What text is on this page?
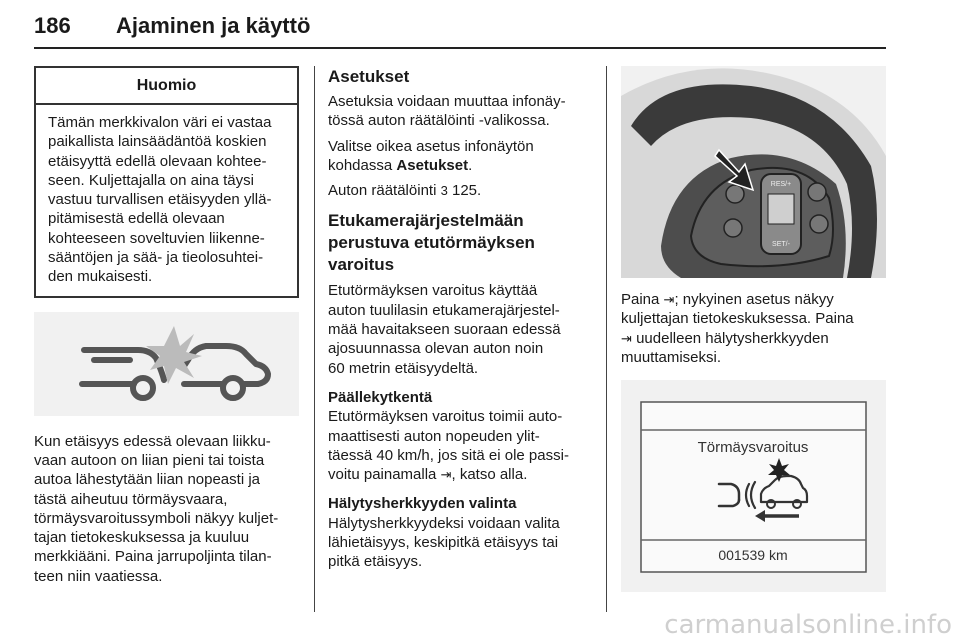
186 Ajaminen ja käyttö
Huomio
Tämän merkkivalon väri ei vastaa
paikallista lainsäädäntöä koskien
etäisyyttä edellä olevaan kohtee-
seen. Kuljettajalla on aina täysi
vastuu turvallisen etäisyyden yllä-
pitämisestä edellä olevaan
kohteeseen soveltuvien liikenne-
sääntöjen ja sää- ja tieolosuhtei-
den mukaisesti.
Kun etäisyys edessä olevaan liikku-
vaan autoon on liian pieni tai toista
autoa lähestytään liian nopeasti ja
tästä aiheutuu törmäysvaara,
törmäysvaroitussymboli näkyy kuljet-
tajan tietokeskuksessa ja kuuluu
merkkiääni. Paina jarrupoljinta tilan-
teen niin vaatiessa.
Asetukset
Asetuksia voidaan muuttaa infonäy-
tössä auton räätälöinti -valikossa.
Valitse oikea asetus infonäytön
kohdassa Asetukset.
Auton räätälöinti 3 125.
Etukamerajärjestelmään
perustuva etutörmäyksen
varoitus
Etutörmäyksen varoitus käyttää
auton tuulilasin etukamerajärjestel-
mää havaitakseen suoraan edessä
ajosuunnassa olevan auton noin
60 metrin etäisyydeltä.
Päällekytkentä
Etutörmäyksen varoitus toimii auto-
maattisesti auton nopeuden ylit-
täessä 40 km/h, jos sitä ei ole passi-
voitu painamalla ⇥, katso alla.
Hälytysherkkyyden valinta
Hälytysherkkyydeksi voidaan valita
lähietäisyys, keskipitkä etäisyys tai
pitkä etäisyys.
RES/+
SET/-
Paina ⇥; nykyinen asetus näkyy
kuljettajan tietokeskuksessa. Paina
⇥ uudelleen hälytysherkkyyden
muuttamiseksi.
Törmäysvaroitus
001539 km
carmanualsonline.info
